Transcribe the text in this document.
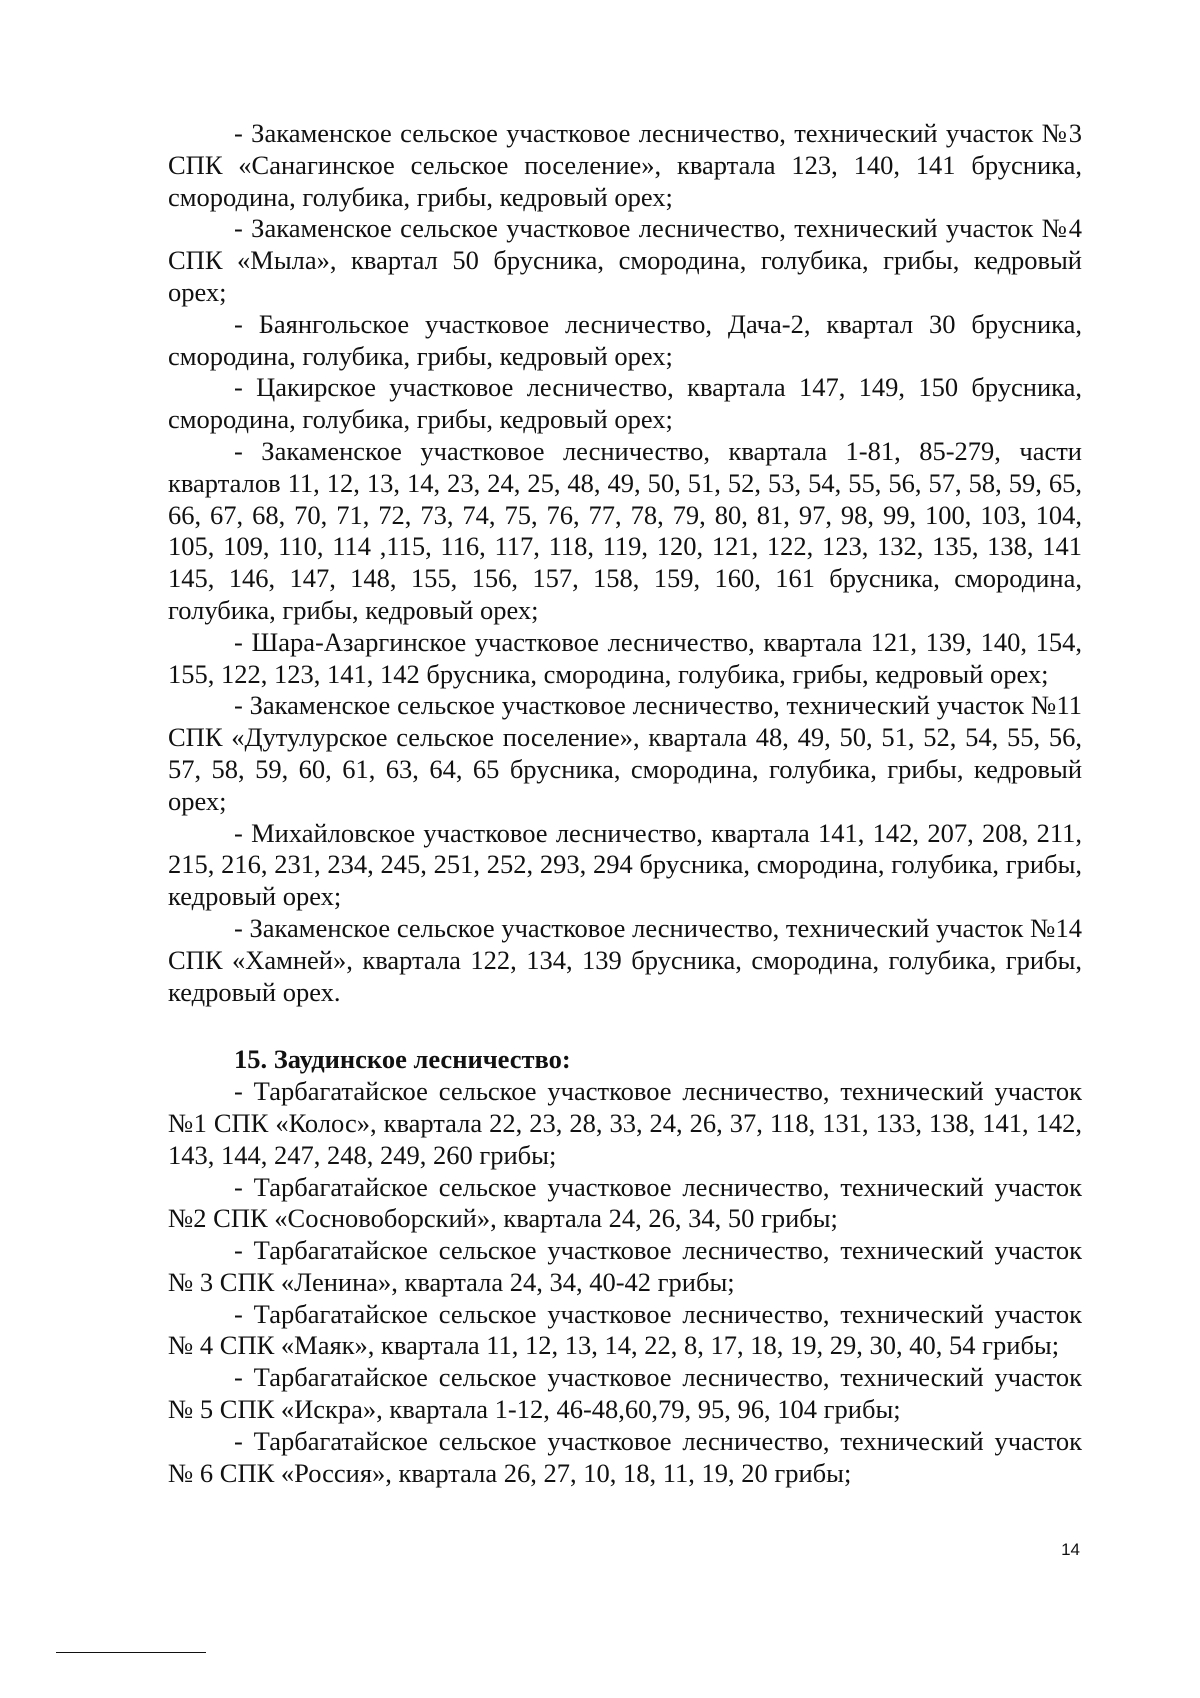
- Закаменское сельское участковое лесничество, технический участок №3 СПК «Санагинское сельское поселение», квартала 123, 140, 141 брусника, смородина, голубика, грибы, кедровый орех;

- Закаменское сельское участковое лесничество, технический участок №4 СПК «Мыла», квартал 50 брусника, смородина, голубика, грибы, кедровый орех;

- Баянгольское участковое лесничество, Дача-2, квартал 30 брусника, смородина, голубика, грибы, кедровый орех;

- Цакирское участковое лесничество, квартала 147, 149, 150 брусника, смородина, голубика, грибы, кедровый орех;

- Закаменское участковое лесничество, квартала 1-81, 85-279, части кварталов 11, 12, 13, 14, 23, 24, 25, 48, 49, 50, 51, 52, 53, 54, 55, 56, 57, 58, 59, 65, 66, 67, 68, 70, 71, 72, 73, 74, 75, 76, 77, 78, 79, 80, 81, 97, 98, 99, 100, 103, 104, 105, 109, 110, 114 ,115, 116, 117, 118, 119, 120, 121, 122, 123, 132, 135, 138, 141 145, 146, 147, 148, 155, 156, 157, 158, 159, 160, 161 брусника, смородина, голубика, грибы, кедровый орех;

- Шара-Азаргинское участковое лесничество, квартала 121, 139, 140, 154, 155, 122, 123, 141, 142 брусника, смородина, голубика, грибы, кедровый орех;

- Закаменское сельское участковое лесничество, технический участок №11 СПК «Дутулурское сельское поселение», квартала 48, 49, 50, 51, 52, 54, 55, 56, 57, 58, 59, 60, 61, 63, 64, 65 брусника, смородина, голубика, грибы, кедровый орех;

- Михайловское участковое лесничество, квартала 141, 142, 207, 208, 211, 215, 216, 231, 234, 245, 251, 252, 293, 294 брусника, смородина, голубика, грибы, кедровый орех;

- Закаменское сельское участковое лесничество, технический участок №14 СПК «Хамней», квартала 122, 134, 139 брусника, смородина, голубика, грибы, кедровый орех.

15. Заудинское лесничество:

- Тарбагатайское сельское участковое лесничество, технический участок №1 СПК «Колос», квартала 22, 23, 28, 33, 24, 26, 37, 118, 131, 133, 138, 141, 142, 143, 144, 247, 248, 249, 260 грибы;

- Тарбагатайское сельское участковое лесничество, технический участок №2 СПК «Сосновоборский», квартала 24, 26, 34, 50 грибы;

- Тарбагатайское сельское участковое лесничество, технический участок № 3 СПК «Ленина», квартала 24, 34, 40-42 грибы;

- Тарбагатайское сельское участковое лесничество, технический участок № 4 СПК «Маяк», квартала 11, 12, 13, 14, 22, 8, 17, 18, 19, 29, 30, 40, 54 грибы;

- Тарбагатайское сельское участковое лесничество, технический участок № 5 СПК «Искра», квартала 1-12, 46-48,60,79, 95, 96, 104 грибы;

- Тарбагатайское сельское участковое лесничество, технический участок № 6 СПК «Россия», квартала 26, 27, 10, 18, 11, 19, 20 грибы;

14
